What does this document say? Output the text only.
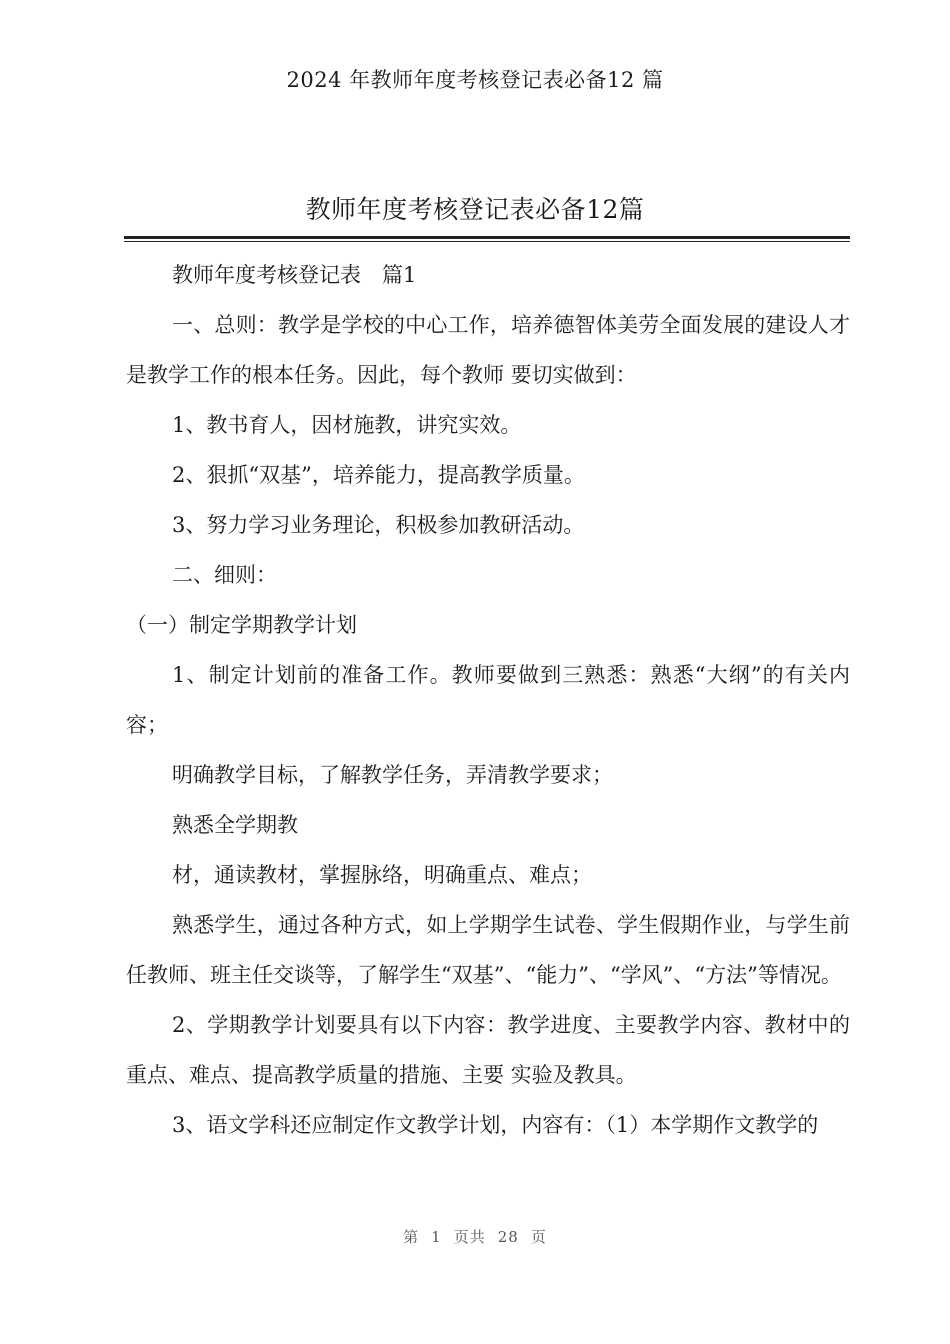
2024 年教师年度考核登记表必备12 篇
教师年度考核登记表必备12篇

教师年度考核登记表　篇1

一、总则：教学是学校的中心工作，培养德智体美劳全面发展的建设人才是教学工作的根本任务。因此，每个教师 要切实做到：

1、教书育人，因材施教，讲究实效。

2、狠抓“双基”，培养能力，提高教学质量。

3、努力学习业务理论，积极参加教研活动。

二、细则：

（一）制定学期教学计划

1、制定计划前的准备工作。教师要做到三熟悉：熟悉“大纲”的有关内容；

明确教学目标，了解教学任务，弄清教学要求；

熟悉全学期教

材，通读教材，掌握脉络，明确重点、难点；

熟悉学生，通过各种方式，如上学期学生试卷、学生假期作业，与学生前任教师、班主任交谈等，了解学生“双基”、“能力”、“学风”、“方法”等情况。

2、学期教学计划要具有以下内容：教学进度、主要教学内容、教材中的重点、难点、提高教学质量的措施、主要 实验及教具。

3、语文学科还应制定作文教学计划，内容有：（1）本学期作文教学的

第 1 页共 28 页
